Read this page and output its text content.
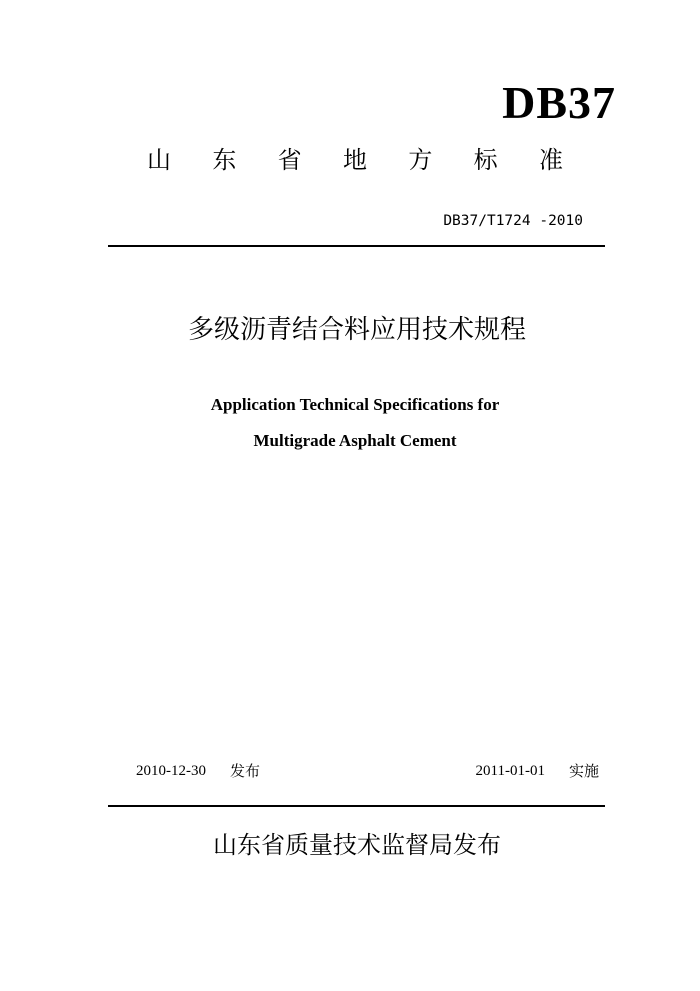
DB37
山 东 省 地 方 标 准
DB37/T1724 -2010
多级沥青结合料应用技术规程
Application Technical Specifications for
Multigrade Asphalt Cement
2010-12-30 发布	2011-01-01 实施
山东省质量技术监督局发布
